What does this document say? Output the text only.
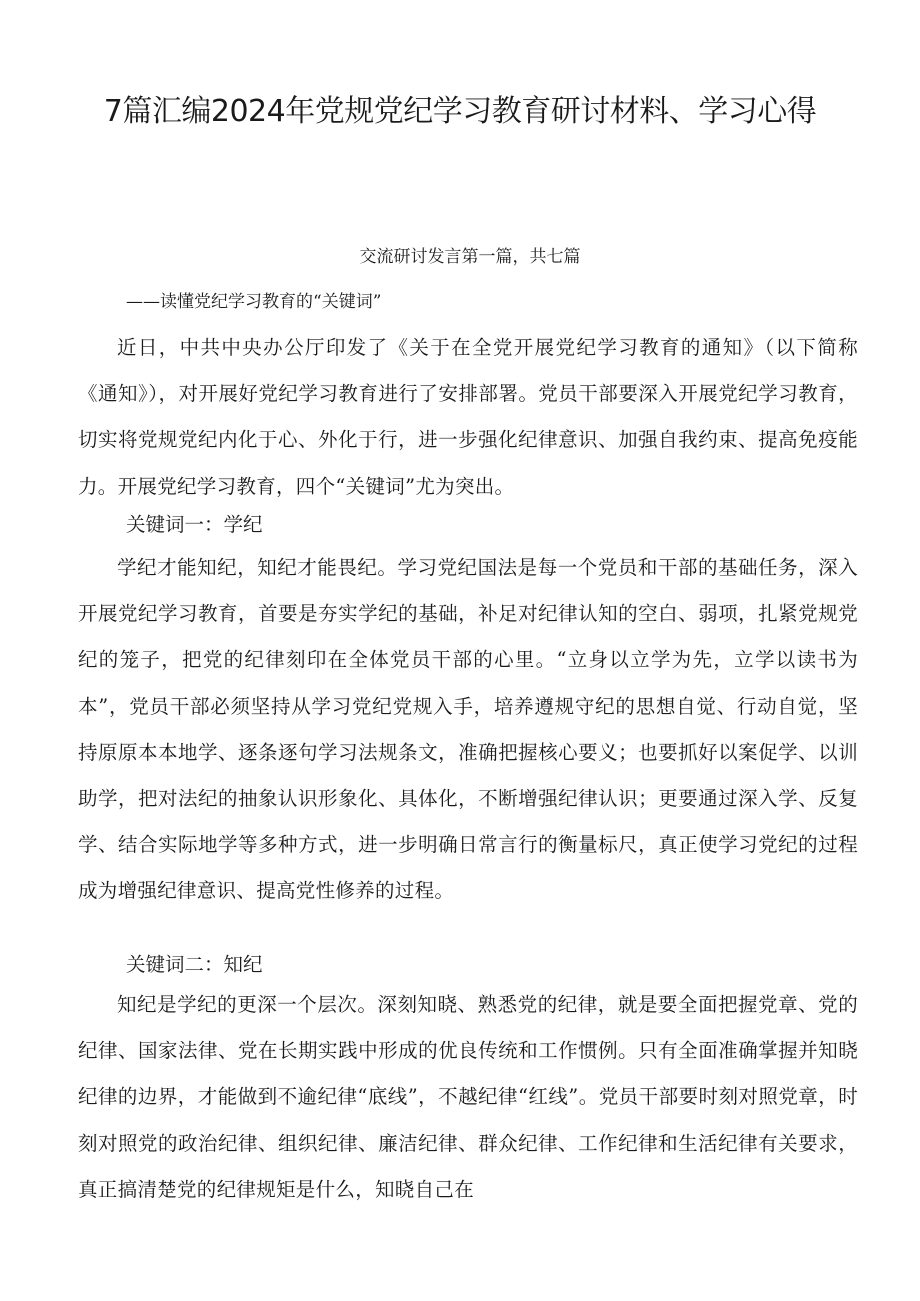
7篇汇编2024年党规党纪学习教育研讨材料、学习心得

交流研讨发言第一篇，共七篇

——读懂党纪学习教育的“关键词”

近日，中共中央办公厅印发了《关于在全党开展党纪学习教育的通知》（以下简称《通知》），对开展好党纪学习教育进行了安排部署。党员干部要深入开展党纪学习教育，切实将党规党纪内化于心、外化于行，进一步强化纪律意识、加强自我约束、提高免疫能力。开展党纪学习教育，四个“关键词”尤为突出。

关键词一：学纪

学纪才能知纪，知纪才能畏纪。学习党纪国法是每一个党员和干部的基础任务，深入开展党纪学习教育，首要是夯实学纪的基础，补足对纪律认知的空白、弱项，扎紧党规党纪的笼子，把党的纪律刻印在全体党员干部的心里。“立身以立学为先，立学以读书为本”，党员干部必须坚持从学习党纪党规入手，培养遵规守纪的思想自觉、行动自觉，坚持原原本本地学、逐条逐句学习法规条文，准确把握核心要义；也要抓好以案促学、以训助学，把对法纪的抽象认识形象化、具体化，不断增强纪律认识；更要通过深入学、反复学、结合实际地学等多种方式，进一步明确日常言行的衡量标尺，真正使学习党纪的过程成为增强纪律意识、提高党性修养的过程。

关键词二：知纪

知纪是学纪的更深一个层次。深刻知晓、熟悉党的纪律，就是要全面把握党章、党的纪律、国家法律、党在长期实践中形成的优良传统和工作惯例。只有全面准确掌握并知晓纪律的边界，才能做到不逾纪律“底线”，不越纪律“红线”。党员干部要时刻对照党章，时刻对照党的政治纪律、组织纪律、廉洁纪律、群众纪律、工作纪律和生活纪律有关要求，真正搞清楚党的纪律规矩是什么，知晓自己在
